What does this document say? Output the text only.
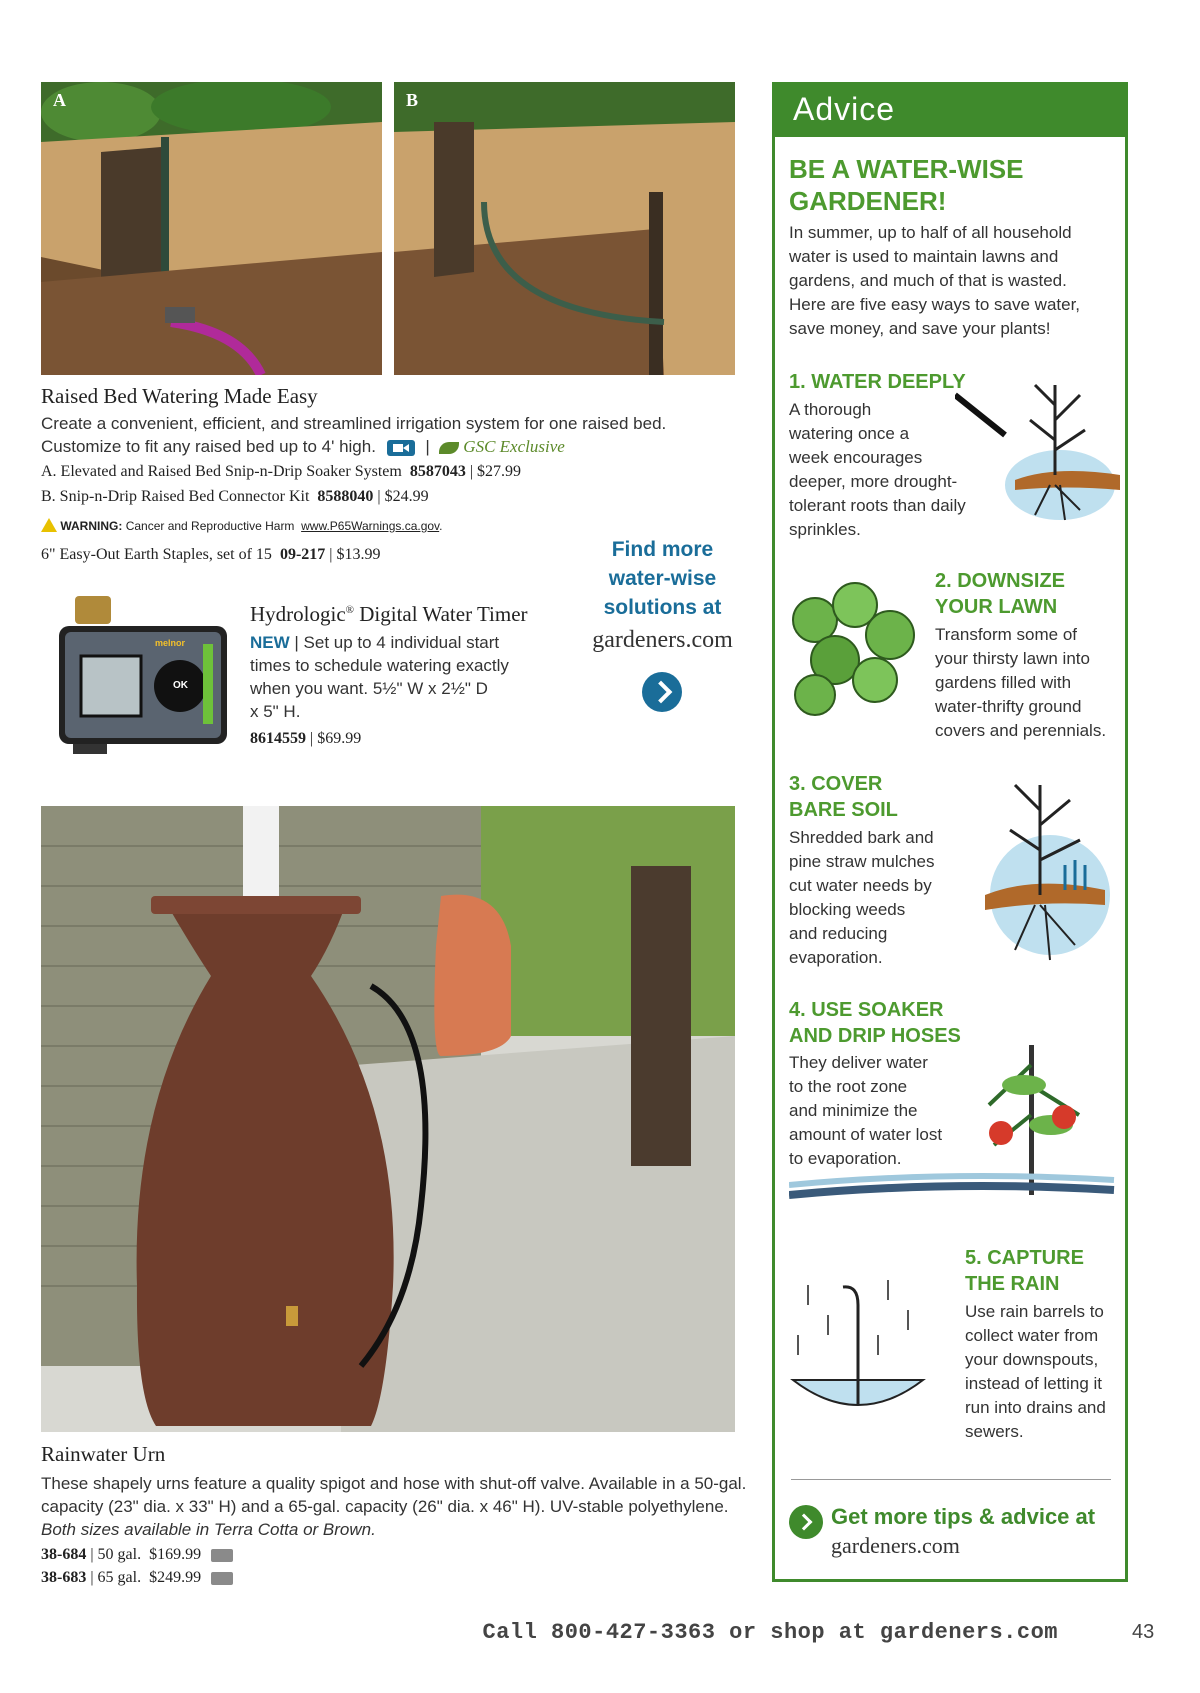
A	B
Raised Bed Watering Made Easy
Create a convenient, efficient, and streamlined irrigation system for one raised bed.
Customize to fit any raised bed up to 4' high.	| GSC Exclusive
A. Elevated and Raised Bed Snip-n-Drip Soaker System 8587043 | $27.99
B. Snip-n-Drip Raised Bed Connector Kit 8588040 | $24.99
WARNING: Cancer and Reproductive Harm www.P65Warnings.ca.gov.
6" Easy-Out Earth Staples, set of 15 09-217 | $13.99
melnor
OK
Hydrologic® Digital Water Timer
NEW | Set up to 4 individual start
times to schedule watering exactly
when you want. 5½" W x 2½" D
x 5" H.
8614559 | $69.99
Find more
water-wise
solutions at
gardeners.com
Rainwater Urn
These shapely urns feature a quality spigot and hose with shut-off valve. Available in a 50-gal.
capacity (23" dia. x 33" H) and a 65-gal. capacity (26" dia. x 46" H). UV-stable polyethylene.
Both sizes available in Terra Cotta or Brown.
38-684 | 50 gal. $169.99
38-683 | 65 gal. $249.99
Advice
BE A WATER-WISE
GARDENER!
In summer, up to half of all household
water is used to maintain lawns and
gardens, and much of that is wasted.
Here are five easy ways to save water,
save money, and save your plants!
1. WATER DEEPLY
A thorough
watering once a
week encourages
deeper, more drought-
tolerant roots than daily
sprinkles.
2. DOWNSIZE
YOUR LAWN
Transform some of
your thirsty lawn into
gardens filled with
water-thrifty ground
covers and perennials.
3. COVER
BARE SOIL
Shredded bark and
pine straw mulches
cut water needs by
blocking weeds
and reducing
evaporation.
4. USE SOAKER
AND DRIP HOSES
They deliver water
to the root zone
and minimize the
amount of water lost
to evaporation.
5. CAPTURE
THE RAIN
Use rain barrels to
collect water from
your downspouts,
instead of letting it
run into drains and
sewers.
Get more tips & advice at
gardeners.com
Call 800-427-3363 or shop at gardeners.com	43
